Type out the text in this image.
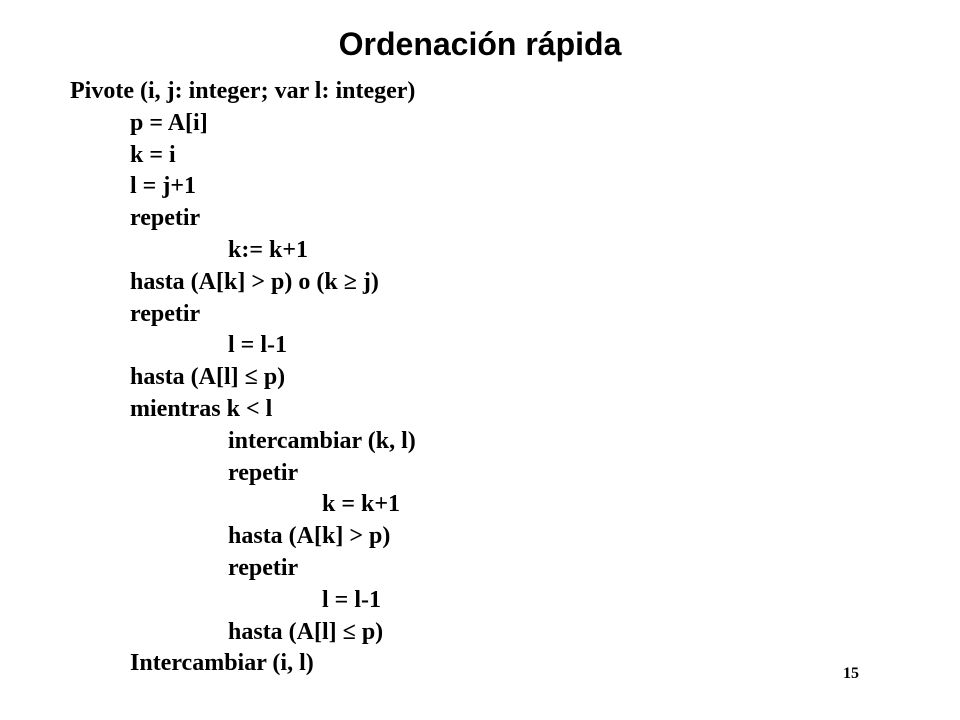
Ordenación rápida
Pivote (i, j: integer; var l: integer)
p = A[i]
k = i
l = j+1
repetir
k:= k+1
hasta (A[k] > p) o (k ≥ j)
repetir
l = l-1
hasta (A[l] ≤ p)
mientras k < l
intercambiar (k, l)
repetir
k = k+1
hasta (A[k] > p)
repetir
l = l-1
hasta (A[l] ≤ p)
Intercambiar (i, l)	15
